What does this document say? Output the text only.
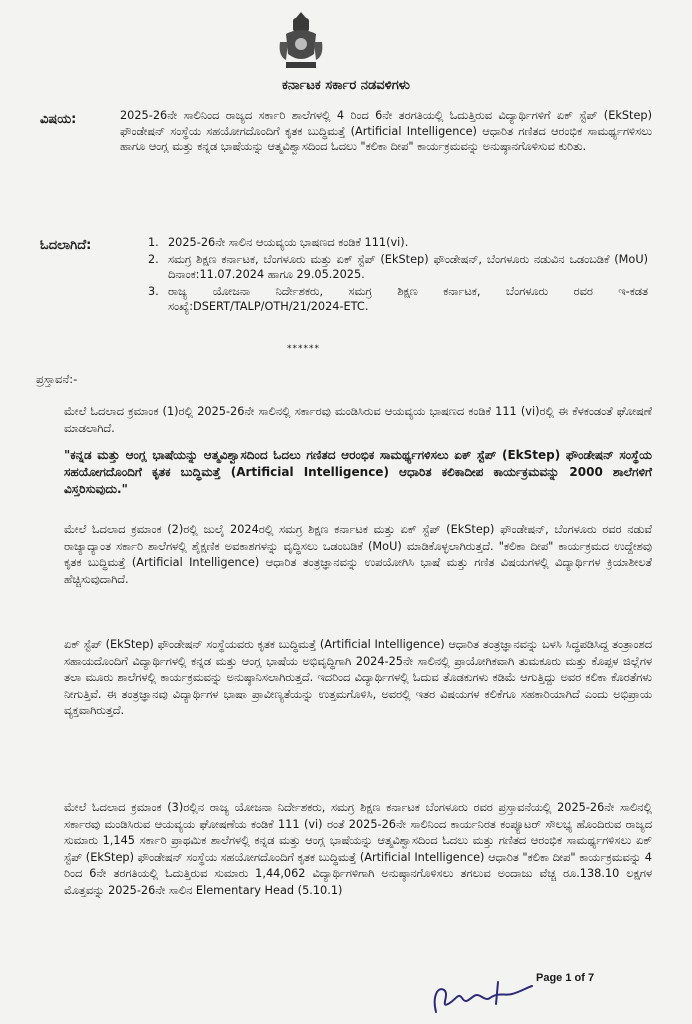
ಕರ್ನಾಟಕ ಸರ್ಕಾರ ನಡವಳಿಗಳು
ವಿಷಯ:	2025-26ನೇ ಸಾಲಿನಿಂದ ರಾಜ್ಯದ ಸರ್ಕಾರಿ ಶಾಲೆಗಳಲ್ಲಿ 4 ರಿಂದ 6ನೇ ತರಗತಿಯಲ್ಲಿ ಓದುತ್ತಿರುವ ವಿದ್ಯಾರ್ಥಿಗಳಿಗೆ ಏಕ್ ಸ್ಟೆಪ್ (EkStep) ಫೌಂಡೇಷನ್ ಸಂಸ್ಥೆಯ ಸಹಯೋಗದೊಂದಿಗೆ ಕೃತಕ ಬುದ್ಧಿಮತ್ತೆ (Artificial Intelligence) ಆಧಾರಿತ ಗಣಿತದ ಆರಂಭಿಕ ಸಾಮರ್ಥ್ಯಗಳಿಸಲು ಹಾಗೂ ಆಂಗ್ಲ ಮತ್ತು ಕನ್ನಡ ಭಾಷೆಯನ್ನು ಆತ್ಮವಿಶ್ವಾಸದಿಂದ ಓದಲು "ಕಲಿಕಾ ದೀಪ" ಕಾರ್ಯಕ್ರಮವನ್ನು ಅನುಷ್ಠಾನಗೊಳಿಸುವ ಕುರಿತು.
ಓದಲಾಗಿದೆ:	1. 2025-26ನೇ ಸಾಲಿನ ಆಯವ್ಯಯ ಭಾಷಣದ ಕಂಡಿಕೆ 111(vi).
2. ಸಮಗ್ರ ಶಿಕ್ಷಣ ಕರ್ನಾಟಕ, ಬೆಂಗಳೂರು ಮತ್ತು ಏಕ್ ಸ್ಟೆಪ್ (EkStep) ಫೌಂಡೇಷನ್, ಬೆಂಗಳೂರು ನಡುವಿನ ಒಡಂಬಡಿಕೆ (MoU) ದಿನಾಂಕ:11.07.2024 ಹಾಗೂ 29.05.2025.
3. ರಾಜ್ಯ ಯೋಜನಾ ನಿರ್ದೇಶಕರು, ಸಮಗ್ರ ಶಿಕ್ಷಣ ಕರ್ನಾಟಕ, ಬೆಂಗಳೂರು ರವರ ಇ-ಕಡತ ಸಂಖ್ಯೆ:DSERT/TALP/OTH/21/2024-ETC.
******
ಪ್ರಸ್ತಾವನೆ:-
ಮೇಲೆ ಓದಲಾದ ಕ್ರಮಾಂಕ (1)ರಲ್ಲಿ 2025-26ನೇ ಸಾಲಿನಲ್ಲಿ ಸರ್ಕಾರವು ಮಂಡಿಸಿರುವ ಆಯವ್ಯಯ ಭಾಷಣದ ಕಂಡಿಕೆ 111 (vi)ರಲ್ಲಿ ಈ ಕೆಳಕಂಡಂತೆ ಘೋಷಣೆ ಮಾಡಲಾಗಿದೆ.
"ಕನ್ನಡ ಮತ್ತು ಆಂಗ್ಲ ಭಾಷೆಯನ್ನು ಆತ್ಮವಿಶ್ವಾಸದಿಂದ ಓದಲು ಗಣಿತದ ಆರಂಭಿಕ ಸಾಮರ್ಥ್ಯಗಳಿಸಲು ಏಕ್ ಸ್ಟೆಪ್ (EkStep) ಫೌಂಡೇಷನ್ ಸಂಸ್ಥೆಯ ಸಹಯೋಗದೊಂದಿಗೆ ಕೃತಕ ಬುದ್ಧಿಮತ್ತೆ (Artificial Intelligence) ಆಧಾರಿತ ಕಲಿಕಾದೀಪ ಕಾರ್ಯಕ್ರಮವನ್ನು 2000 ಶಾಲೆಗಳಿಗೆ ವಿಸ್ತರಿಸುವುದು."
ಮೇಲೆ ಓದಲಾದ ಕ್ರಮಾಂಕ (2)ರಲ್ಲಿ ಜುಲೈ 2024ರಲ್ಲಿ ಸಮಗ್ರ ಶಿಕ್ಷಣ ಕರ್ನಾಟಕ ಮತ್ತು ಏಕ್ ಸ್ಟೆಪ್ (EkStep) ಫೌಂಡೇಷನ್, ಬೆಂಗಳೂರು ರವರ ನಡುವೆ ರಾಜ್ಯಾದ್ಯಾಂತ ಸರ್ಕಾರಿ ಶಾಲೆಗಳಲ್ಲಿ ಶೈಕ್ಷಣಿಕ ಅವಕಾಶಗಳನ್ನು ವೃದ್ಧಿಸಲು ಒಡಂಬಡಿಕೆ (MoU) ಮಾಡಿಕೊಳ್ಳಲಾಗಿರುತ್ತದೆ. "ಕಲಿಕಾ ದೀಪ" ಕಾರ್ಯಕ್ರಮದ ಉದ್ದೇಶವು ಕೃತಕ ಬುದ್ಧಿಮತ್ತೆ (Artificial Intelligence) ಆಧಾರಿತ ತಂತ್ರಜ್ಞಾನವನ್ನು ಉಪಯೋಗಿಸಿ ಭಾಷೆ ಮತ್ತು ಗಣಿತ ವಿಷಯಗಳಲ್ಲಿ ವಿದ್ಯಾರ್ಥಿಗಳ ಕ್ರಿಯಾಶೀಲತೆ ಹೆಚ್ಚಿಸುವುದಾಗಿದೆ.
ಏಕ್ ಸ್ಟೆಪ್ (EkStep) ಫೌಂಡೇಷನ್ ಸಂಸ್ಥೆಯವರು ಕೃತಕ ಬುದ್ಧಿಮತ್ತೆ (Artificial Intelligence) ಆಧಾರಿತ ತಂತ್ರಜ್ಞಾನವನ್ನು ಬಳಸಿ ಸಿದ್ಧಪಡಿಸಿದ್ದ ತಂತ್ರಾಂಶದ ಸಹಾಯದೊಂದಿಗೆ ವಿದ್ಯಾರ್ಥಿಗಳಲ್ಲಿ ಕನ್ನಡ ಮತ್ತು ಆಂಗ್ಲ ಭಾಷೆಯ ಅಭಿವೃದ್ಧಿಗಾಗಿ 2024-25ನೇ ಸಾಲಿನಲ್ಲಿ ಪ್ರಾಯೋಗಿಕವಾಗಿ ತುಮಕೂರು ಮತ್ತು ಕೊಪ್ಪಳ ಜಿಲ್ಲೆಗಳ ತಲಾ ಮೂರು ಶಾಲೆಗಳಲ್ಲಿ ಕಾರ್ಯಕ್ರಮವನ್ನು ಅನುಷ್ಠಾನಿಸಲಾಗಿರುತ್ತದೆ. ಇದರಿಂದ ವಿದ್ಯಾರ್ಥಿಗಳಲ್ಲಿ ಓದುವ ತೊಡಕುಗಳು ಕಡಿಮೆ ಆಗುತ್ತಿದ್ದು ಅವರ ಕಲಿಕಾ ಕೊರತೆಗಳು ನೀಗುತ್ತಿವೆ. ಈ ತಂತ್ರಜ್ಞಾನವು ವಿದ್ಯಾರ್ಥಿಗಳ ಭಾಷಾ ಪ್ರಾವೀಣ್ಯತೆಯನ್ನು ಉತ್ತಮಗೊಳಿಸಿ, ಅವರಲ್ಲಿ ಇತರ ವಿಷಯಗಳ ಕಲಿಕೆಗೂ ಸಹಕಾರಿಯಾಗಿದೆ ಎಂದು ಅಭಿಪ್ರಾಯ ವ್ಯಕ್ತವಾಗಿರುತ್ತದೆ.
ಮೇಲೆ ಓದಲಾದ ಕ್ರಮಾಂಕ (3)ರಲ್ಲಿನ ರಾಜ್ಯ ಯೋಜನಾ ನಿರ್ದೇಶಕರು, ಸಮಗ್ರ ಶಿಕ್ಷಣ ಕರ್ನಾಟಕ ಬೆಂಗಳೂರು ರವರ ಪ್ರಸ್ತಾವನೆಯಲ್ಲಿ 2025-26ನೇ ಸಾಲಿನಲ್ಲಿ ಸರ್ಕಾರವು ಮಂಡಿಸಿರುವ ಆಯವ್ಯಯ ಘೋಷಣೆಯ ಕಂಡಿಕೆ 111 (vi) ರಂತೆ 2025-26ನೇ ಸಾಲಿನಿಂದ ಕಾರ್ಯನಿರತ ಕಂಪ್ಯೂಟರ್ ಸೌಲಭ್ಯ ಹೊಂದಿರುವ ರಾಜ್ಯದ ಸುಮಾರು 1,145 ಸರ್ಕಾರಿ ಪ್ರಾಥಮಿಕ ಶಾಲೆಗಳಲ್ಲಿ ಕನ್ನಡ ಮತ್ತು ಆಂಗ್ಲ ಭಾಷೆಯನ್ನು ಆತ್ಮವಿಶ್ವಾಸದಿಂದ ಓದಲು ಮತ್ತು ಗಣಿತದ ಆರಂಭಿಕ ಸಾಮರ್ಥ್ಯಗಳಿಸಲು ಏಕ್ ಸ್ಟೆಪ್ (EkStep) ಫೌಂಡೇಷನ್ ಸಂಸ್ಥೆಯ ಸಹಯೋಗದೊಂದಿಗೆ ಕೃತಕ ಬುದ್ಧಿಮತ್ತೆ (Artificial Intelligence) ಆಧಾರಿತ "ಕಲಿಕಾ ದೀಪ" ಕಾರ್ಯಕ್ರಮವನ್ನು 4 ರಿಂದ 6ನೇ ತರಗತಿಯಲ್ಲಿ ಓದುತ್ತಿರುವ ಸುಮಾರು 1,44,062 ವಿದ್ಯಾರ್ಥಿಗಳಿಗಾಗಿ ಅನುಷ್ಠಾನಗೊಳಿಸಲು ತಗಲುವ ಅಂದಾಜು ವೆಚ್ಚ ರೂ.138.10 ಲಕ್ಷಗಳ ಮೊತ್ತವನ್ನು 2025-26ನೇ ಸಾಲಿನ Elementary Head (5.10.1)
Page 1 of 7
